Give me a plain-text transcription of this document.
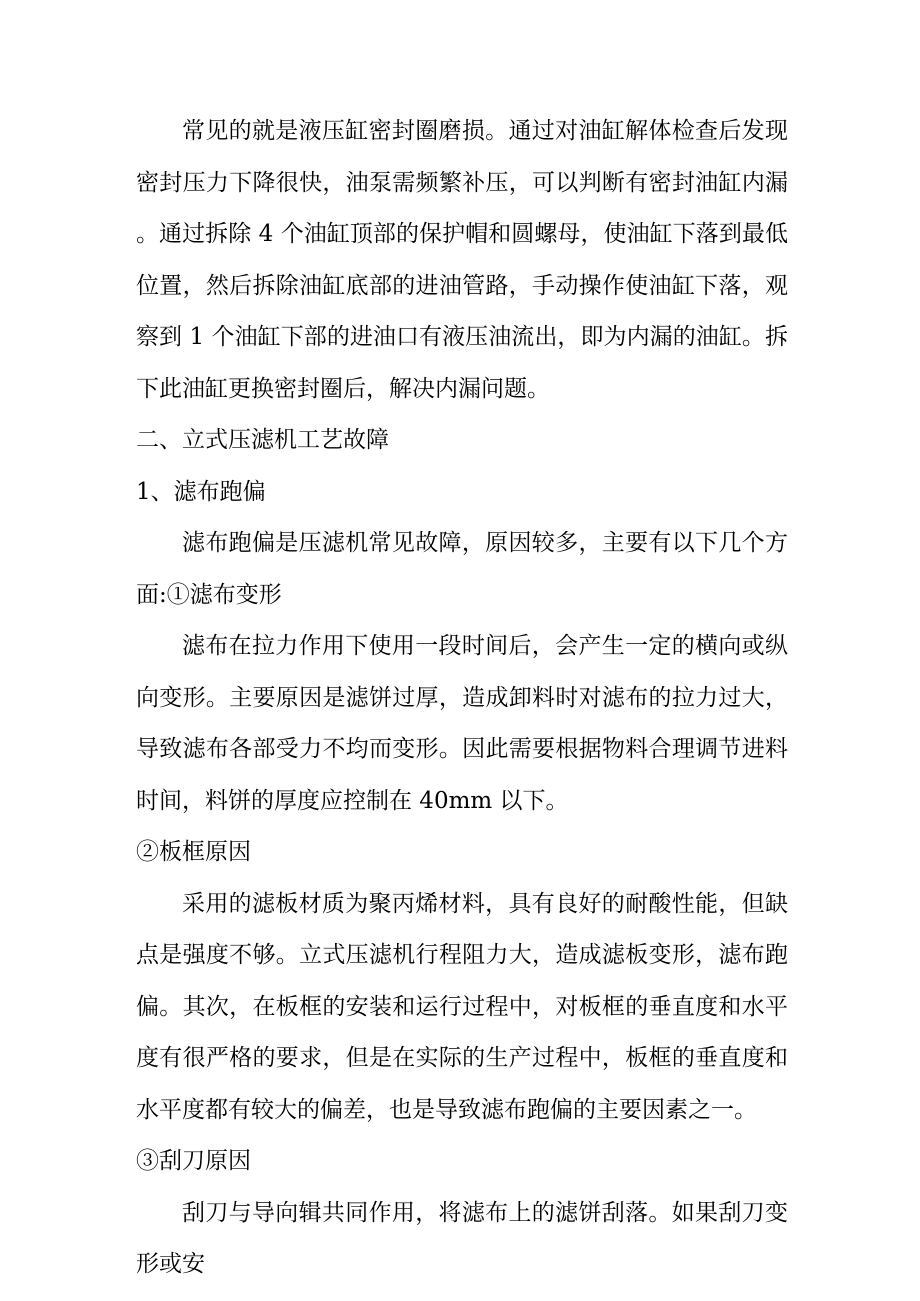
常见的就是液压缸密封圈磨损。通过对油缸解体检查后发现密封压力下降很快，油泵需频繁补压，可以判断有密封油缸内漏。通过拆除 4 个油缸顶部的保护帽和圆螺母，使油缸下落到最低位置，然后拆除油缸底部的进油管路，手动操作使油缸下落，观察到 1 个油缸下部的进油口有液压油流出，即为内漏的油缸。拆下此油缸更换密封圈后，解决内漏问题。

二、立式压滤机工艺故障

1、滤布跑偏

滤布跑偏是压滤机常见故障，原因较多，主要有以下几个方面:①滤布变形

滤布在拉力作用下使用一段时间后，会产生一定的横向或纵向变形。主要原因是滤饼过厚，造成卸料时对滤布的拉力过大，导致滤布各部受力不均而变形。因此需要根据物料合理调节进料时间，料饼的厚度应控制在 40mm 以下。

②板框原因

采用的滤板材质为聚丙烯材料，具有良好的耐酸性能，但缺点是强度不够。立式压滤机行程阻力大，造成滤板变形，滤布跑偏。其次，在板框的安装和运行过程中，对板框的垂直度和水平度有很严格的要求，但是在实际的生产过程中，板框的垂直度和水平度都有较大的偏差，也是导致滤布跑偏的主要因素之一。

③刮刀原因

刮刀与导向辑共同作用，将滤布上的滤饼刮落。如果刮刀变形或安
